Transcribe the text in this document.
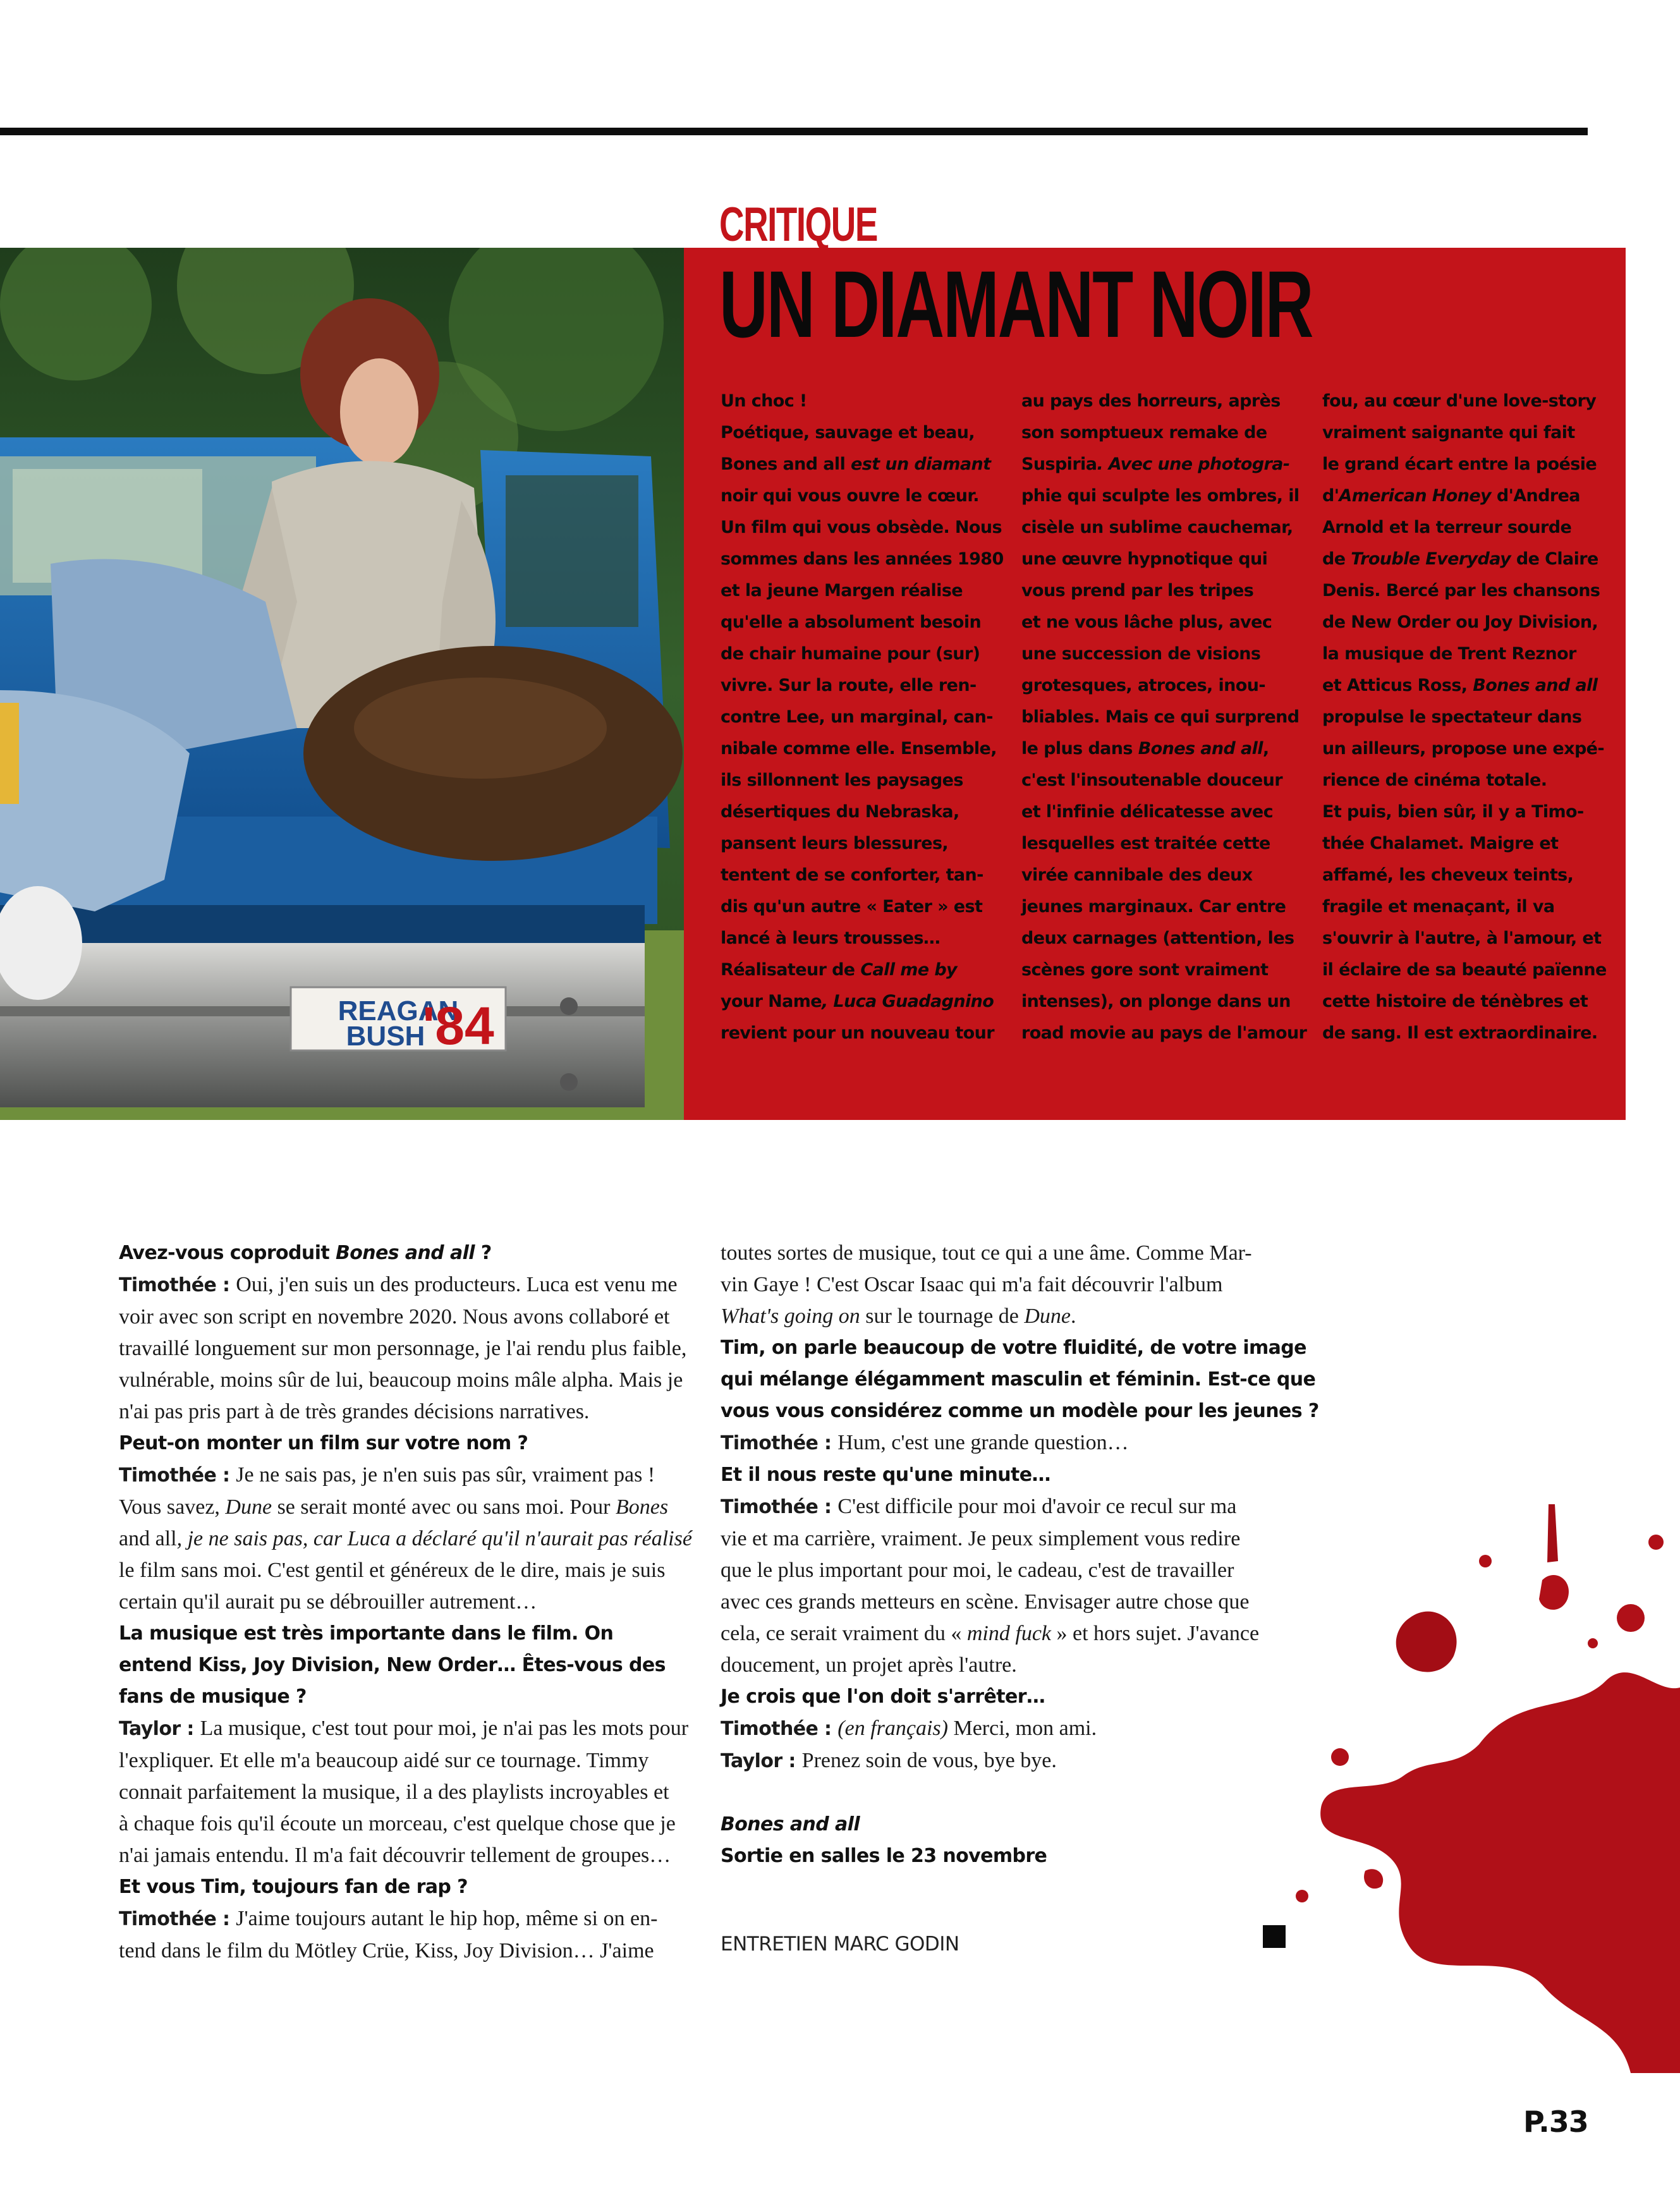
REAGAN
BUSH
'84
CRITIQUE
UN DIAMANT NOIR
Un choc !
Poétique, sauvage et beau,
Bones and all est un diamant
noir qui vous ouvre le cœur.
Un film qui vous obsède. Nous
sommes dans les années 1980
et la jeune Margen réalise
qu'elle a absolument besoin
de chair humaine pour (sur)
vivre. Sur la route, elle ren-
contre Lee, un marginal, can-
nibale comme elle. Ensemble,
ils sillonnent les paysages
désertiques du Nebraska,
pansent leurs blessures,
tentent de se conforter, tan-
dis qu'un autre « Eater » est
lancé à leurs trousses…
Réalisateur de Call me by
your Name, Luca Guadagnino
revient pour un nouveau tour
au pays des horreurs, après
son somptueux remake de
Suspiria. Avec une photogra-
phie qui sculpte les ombres, il
cisèle un sublime cauchemar,
une œuvre hypnotique qui
vous prend par les tripes
et ne vous lâche plus, avec
une succession de visions
grotesques, atroces, inou-
bliables. Mais ce qui surprend
le plus dans Bones and all,
c'est l'insoutenable douceur
et l'infinie délicatesse avec
lesquelles est traitée cette
virée cannibale des deux
jeunes marginaux. Car entre
deux carnages (attention, les
scènes gore sont vraiment
intenses), on plonge dans un
road movie au pays de l'amour
fou, au cœur d'une love-story
vraiment saignante qui fait
le grand écart entre la poésie
d'American Honey d'Andrea
Arnold et la terreur sourde
de Trouble Everyday de Claire
Denis. Bercé par les chansons
de New Order ou Joy Division,
la musique de Trent Reznor
et Atticus Ross, Bones and all
propulse le spectateur dans
un ailleurs, propose une expé-
rience de cinéma totale.
Et puis, bien sûr, il y a Timo-
thée Chalamet. Maigre et
affamé, les cheveux teints,
fragile et menaçant, il va
s'ouvrir à l'autre, à l'amour, et
il éclaire de sa beauté païenne
cette histoire de ténèbres et
de sang. Il est extraordinaire.
Avez-vous coproduit Bones and all ?
Timothée : Oui, j'en suis un des producteurs. Luca est venu me
voir avec son script en novembre 2020. Nous avons collaboré et
travaillé longuement sur mon personnage, je l'ai rendu plus faible,
vulnérable, moins sûr de lui, beaucoup moins mâle alpha. Mais je
n'ai pas pris part à de très grandes décisions narratives.
Peut-on monter un film sur votre nom ?
Timothée : Je ne sais pas, je n'en suis pas sûr, vraiment pas !
Vous savez, Dune se serait monté avec ou sans moi. Pour Bones
and all, je ne sais pas, car Luca a déclaré qu'il n'aurait pas réalisé
le film sans moi. C'est gentil et généreux de le dire, mais je suis
certain qu'il aurait pu se débrouiller autrement…
La musique est très importante dans le film. On
entend Kiss, Joy Division, New Order… Êtes-vous des
fans de musique ?
Taylor : La musique, c'est tout pour moi, je n'ai pas les mots pour
l'expliquer. Et elle m'a beaucoup aidé sur ce tournage. Timmy
connait parfaitement la musique, il a des playlists incroyables et
à chaque fois qu'il écoute un morceau, c'est quelque chose que je
n'ai jamais entendu. Il m'a fait découvrir tellement de groupes…
Et vous Tim, toujours fan de rap ?
Timothée : J'aime toujours autant le hip hop, même si on en-
tend dans le film du Mötley Crüe, Kiss, Joy Division… J'aime
toutes sortes de musique, tout ce qui a une âme. Comme Mar-
vin Gaye ! C'est Oscar Isaac qui m'a fait découvrir l'album
What's going on sur le tournage de Dune.
Tim, on parle beaucoup de votre fluidité, de votre image
qui mélange élégamment masculin et féminin. Est-ce que
vous vous considérez comme un modèle pour les jeunes ?
Timothée : Hum, c'est une grande question…
Et il nous reste qu'une minute…
Timothée : C'est difficile pour moi d'avoir ce recul sur ma
vie et ma carrière, vraiment. Je peux simplement vous redire
que le plus important pour moi, le cadeau, c'est de travailler
avec ces grands metteurs en scène. Envisager autre chose que
cela, ce serait vraiment du « mind fuck » et hors sujet. J'avance
doucement, un projet après l'autre.
Je crois que l'on doit s'arrêter…
Timothée : (en français) Merci, mon ami.
Taylor : Prenez soin de vous, bye bye.
Bones and all
Sortie en salles le 23 novembre
ENTRETIEN MARC GODIN
P.33
